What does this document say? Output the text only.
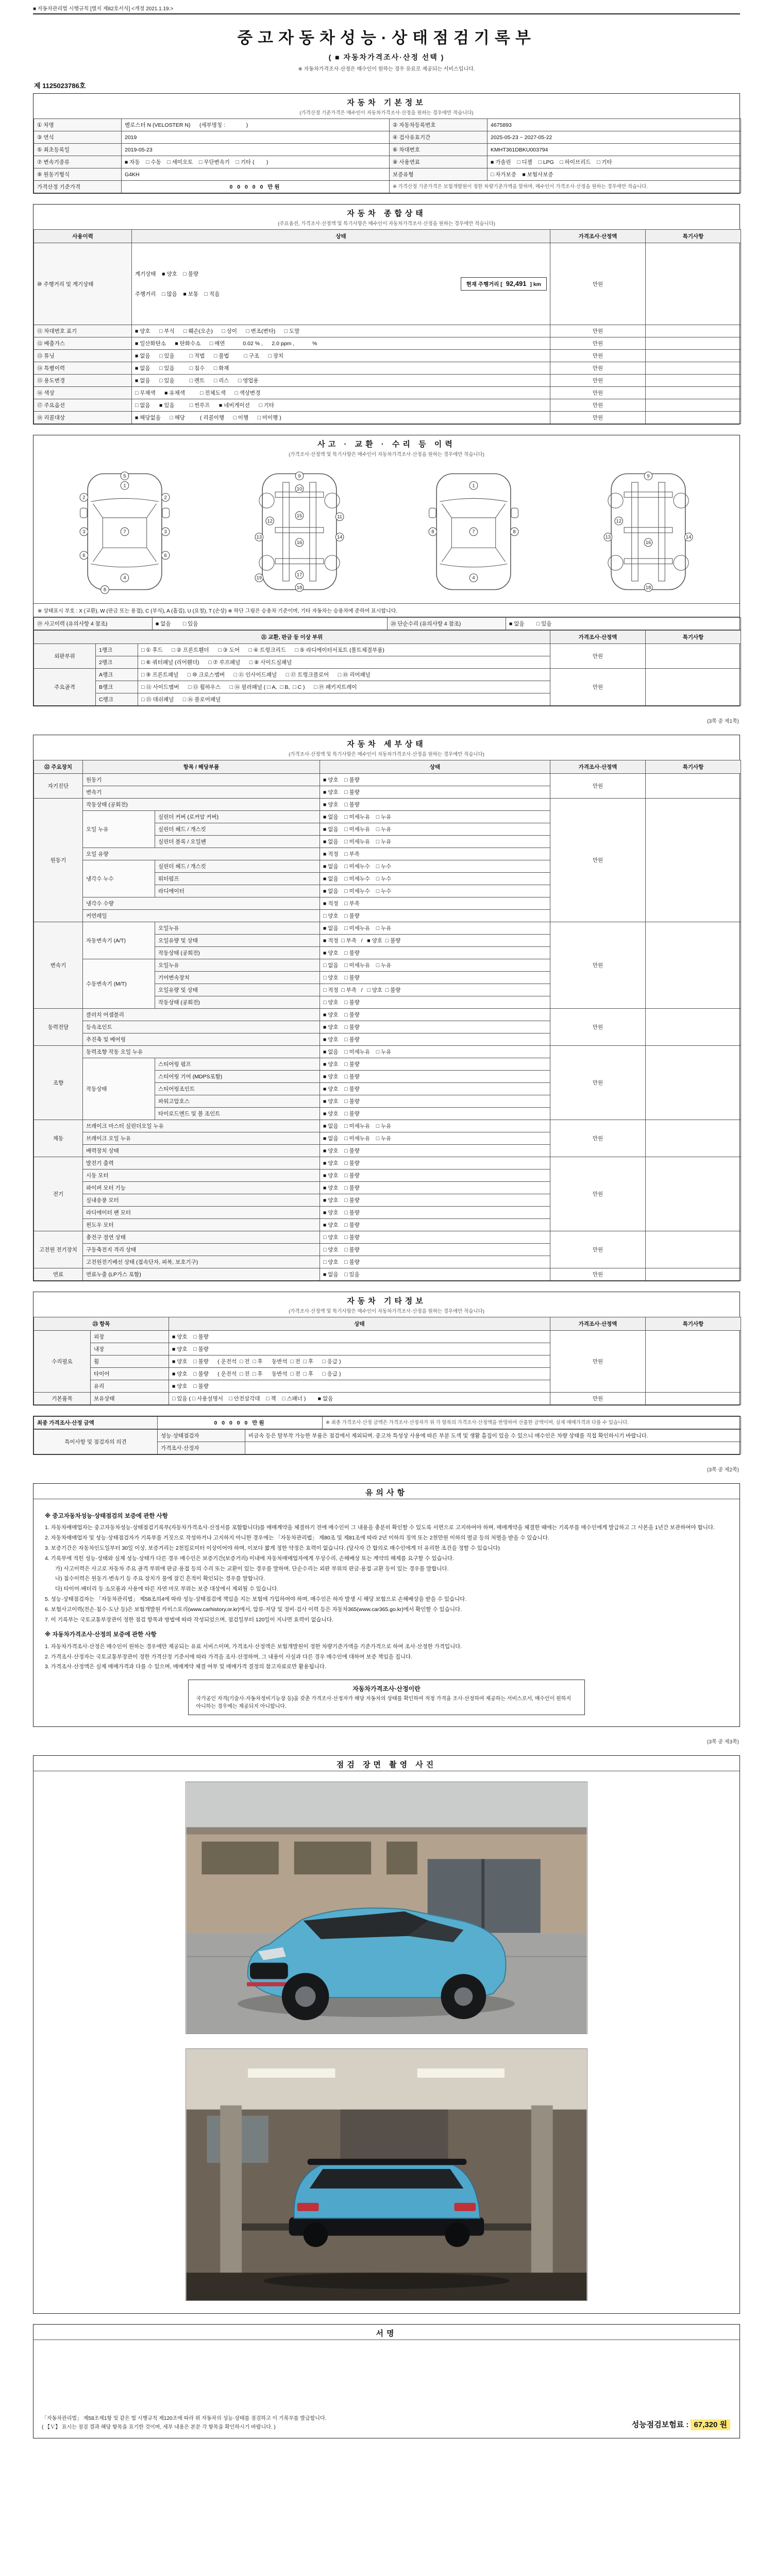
■ 자동차관리법 시행규칙 [별지 제82호서식] <개정 2021.1.19.>
중고자동차성능·상태점검기록부
( ■ 자동차가격조사·산정 선택 )
※ 자동차가격조사·산정은 매수인이 원하는 경우 유료로 제공되는 서비스입니다.
제 1125023786호
자동차 기본정보
(가격산정 기준가격은 매수인이 자동차가격조사·산정을 원하는 경우에만 적습니다)
① 차명	벨로스터 N (VELOSTER N)      (세부명칭 :              )	② 자동차등록번호	4675893
③ 연식	2019	④ 검사유효기간	2025-05-23 ~ 2027-05-22
⑤ 최초등록일	2019-05-23	⑥ 차대번호	KMHT361DBKU003794
⑦ 변속기종류	■ 자동    □ 수동    □ 세미오토    □ 무단변속기    □ 기타 (        )	⑧ 사용연료	■ 가솔린    □ 디젤    □ LPG    □ 하이브리드    □ 기타
⑨ 원동기형식	G4KH	보증유형	□ 자가보증    ■ 보험사보증
가격산정 기준가격	0 0 0 0 0 만원	※ 가격산정 기준가격은 보험개발원이 정한 차량기준가액을 말하며, 매수인이 가격조사·산정을 원하는 경우에만 적습니다.	
자동차 종합상태
(주요옵션, 가격조사·산정액 및 특기사항은 매수인이 자동차가격조사·산정을 원하는 경우에만 적습니다)
사용이력	상태	가격조사·산정액	특기사항
⑩ 주행거리 및 계기상태	계기상태    ■ 양호    □ 불량

주행거리    □ 많음    ■ 보통    □ 적음

현재 주행거리 [ 92,491 ] km	만원	
⑪ 차대번호 표기	■ 양호      □ 부식      □ 훼손(오손)      □ 상이      □ 변조(변타)      □ 도말	만원	
⑫ 배출가스	■ 일산화탄소      ■ 탄화수소      □ 매연            0.02 % ,      2.0 ppm ,            %	만원	
⑬ 튜닝	■ 없음      □ 있음          □ 적법      □ 불법          □ 구조      □ 장치	만원	
⑭ 특별이력	■ 없음      □ 있음          □ 침수      □ 화재	만원	
⑮ 용도변경	■ 없음      □ 있음          □ 렌트      □ 리스      □ 영업용	만원	
⑯ 색상	□ 무채색      ■ 유채색          □ 전체도색      □ 색상변경	만원	
⑰ 주요옵션	□ 없음      ■ 있음          □ 썬루프      ■ 네비게이션      □ 기타	만원	
⑱ 리콜대상	■ 해당없음      □ 해당          ( 리콜이행      □ 이행      □ 미이행 )	만원	
사고 · 교환 · 수리 등 이력
(가격조사·산정액 및 특기사항은 매수인이 자동차가격조사·산정을 원하는 경우에만 적습니다)
1
5
2	2
3	3
7
6	6
4
8
9
10
12
15
16
17
18
13	14
19
11
1
7
4
8	8
9
12
16
18
13	14
※ 상태표시 부호 : X (교환), W (판금 또는 용접), C (부식), A (흠집), U (요철), T (손상) ※ 하단 그림은 승용차 기준이며, 기타 자동차는 승용차에 준하여 표시합니다.
⑲ 사고이력 (유의사항 4 참조)	■ 없음        □ 있음	⑳ 단순수리 (유의사항 4 참조)	■ 없음        □ 있음
㉑ 교환, 판금 등 이상 부위			가격조사·산정액	특기사항
외판부위	1랭크	□ ① 후드      □ ② 프론트휀더      □ ③ 도어      □ ④ 트렁크리드      □ ⑤ 라디에이터서포트 (볼트체결부품)	만원	
	2랭크	□ ⑥ 쿼터패널 (리어휀더)      □ ⑦ 루프패널      □ ⑧ 사이드실패널		
주요골격	A랭크	□ ⑨ 프론트패널      □ ⑩ 크로스멤버      □ ⑪ 인사이드패널      □ ⑰ 트렁크플로어      □ ⑱ 리어패널	만원	
	B랭크	□ ⑫ 사이드멤버      □ ⑬ 휠하우스      □ ⑭ 필러패널 ( □ A,  □ B,  □ C )      □ ⑲ 패키지트레이		
	C랭크	□ ⑮ 대쉬패널      □ ⑯ 플로어패널		
(3쪽 중 제1쪽)
자동차 세부상태
(가격조사·산정액 및 특기사항은 매수인이 자동차가격조사·산정을 원하는 경우에만 적습니다)
㉒ 주요장치	항목 / 해당부품		상태	가격조사·산정액	특기사항
자기진단	원동기		■ 양호    □ 불량	만원	
	변속기		■ 양호    □ 불량		
원동기	작동상태 (공회전)		■ 양호    □ 불량	만원	
	오일 누유	실린더 커버 (로커암 커버)	■ 없음    □ 미세누유    □ 누유		
		실린더 헤드 / 개스킷	■ 없음    □ 미세누유    □ 누유		
		실린더 블록 / 오일팬	■ 없음    □ 미세누유    □ 누유		
	오일 유량		■ 적정    □ 부족		
	냉각수 누수	실린더 헤드 / 개스킷	■ 없음    □ 미세누수    □ 누수		
		워터펌프	■ 없음    □ 미세누수    □ 누수		
		라디에이터	■ 없음    □ 미세누수    □ 누수		
	냉각수 수량		■ 적정    □ 부족		
	커먼레일		□ 양호    □ 불량		
변속기	자동변속기 (A/T)	오일누유	■ 없음    □ 미세누유    □ 누유	만원	
		오일유량 및 상태	■ 적정  □ 부족   /   ■ 양호  □ 불량		
		작동상태 (공회전)	■ 양호    □ 불량		
	수동변속기 (M/T)	오일누유	□ 없음    □ 미세누유    □ 누유		
		기어변속장치	□ 양호    □ 불량		
		오일유량 및 상태	□ 적정  □ 부족   /   □ 양호  □ 불량		
		작동상태 (공회전)	□ 양호    □ 불량		
동력전달	클러치 어셈블리		■ 양호    □ 불량	만원	
	등속조인트		■ 양호    □ 불량		
	추진축 및 베어링		■ 양호    □ 불량		
조향	동력조향 작동 오일 누유		■ 없음    □ 미세누유    □ 누유	만원	
	작동상태	스티어링 펌프	■ 양호    □ 불량		
		스티어링 기어 (MDPS포함)	■ 양호    □ 불량		
		스티어링조인트	■ 양호    □ 불량		
		파워고압호스	■ 양호    □ 불량		
		타이로드엔드 및 볼 조인트	■ 양호    □ 불량		
제동	브레이크 마스터 실린더오일 누유		■ 없음    □ 미세누유    □ 누유	만원	
	브레이크 오일 누유		■ 없음    □ 미세누유    □ 누유		
	배력장치 상태		■ 양호    □ 불량		
전기	발전기 출력		■ 양호    □ 불량	만원	
	시동 모터		■ 양호    □ 불량		
	와이퍼 모터 기능		■ 양호    □ 불량		
	실내송풍 모터		■ 양호    □ 불량		
	라디에이터 팬 모터		■ 양호    □ 불량		
	윈도우 모터		■ 양호    □ 불량		
고전원 전기장치	충전구 절연 상태		□ 양호    □ 불량	만원	
	구동축전지 격리 상태		□ 양호    □ 불량		
	고전원전기배선 상태 (접속단자, 피복, 보호기구)		□ 양호    □ 불량		
연료	연료누출 (LP가스 포함)		■ 없음    □ 있음	만원	
자동차 기타정보
(가격조사·산정액 및 특기사항은 매수인이 자동차가격조사·산정을 원하는 경우에만 적습니다)
㉓ 항목		상태	가격조사·산정액	특기사항
수리필요	외장	■ 양호    □ 불량	만원	
	내장	■ 양호    □ 불량		
	휠	■ 양호    □ 불량      ( 운전석  □ 전  □ 후      동반석  □ 전  □ 후      □ 응급 )		
	타이어	■ 양호    □ 불량      ( 운전석  □ 전  □ 후      동반석  □ 전  □ 후      □ 응급 )		
	유리	■ 양호    □ 불량		
기본품목	보유상태	□ 있음 ( □ 사용설명서    □ 안전삼각대    □ 잭    □ 스패너 )        ■ 없음	만원	
최종 가격조사·산정 금액	0 0 0 0 0 만원	※ 최종 가격조사·산정 금액은 가격조사·산정자가 위 각 항목의 가격조사·산정액을 반영하여 산출한 금액이며, 실제 매매가격과 다를 수 있습니다.
특이사항 및 점검자의 의견	성능·상태점검자	비금속 등은 탈부착 가능한 부품은 점검에서 제외되며, 중고차 특성상 사용에 따른 부분 도색 및 생활 흠집이 있을 수 있으니 매수인은 차량 상태를 직접 확인하시기 바랍니다.
	가격조사·산정자	
(3쪽 중 제2쪽)
유의사항

※ 중고자동차성능·상태점검의 보증에 관한 사항

1. 자동차매매업자는 중고자동차성능·상태점검기록부(자동차가격조사·산정서를 포함합니다)를 매매계약을 체결하기 전에 매수인이 그 내용을 충분히 확인할 수 있도록 서면으로 고지하여야 하며, 매매계약을 체결한 때에는 기록부를 매수인에게 발급하고 그 사본을 1년간 보관하여야 합니다.

2. 자동차매매업자 및 성능·상태점검자가 기록부를 거짓으로 작성하거나 고지하지 아니한 경우에는 「자동차관리법」 제80조 및 제81조에 따라 2년 이하의 징역 또는 2천만원 이하의 벌금 등의 처벌을 받을 수 있습니다.

3. 보증기간은 자동차인도일부터 30일 이상, 보증거리는 2천킬로미터 이상이어야 하며, 이보다 짧게 정한 약정은 효력이 없습니다. (당사자 간 합의로 매수인에게 더 유리한 조건을 정할 수 있습니다)

4. 기록부에 적힌 성능·상태와 실제 성능·상태가 다른 경우 매수인은 보증기간(보증거리) 이내에 자동차매매업자에게 무상수리, 손해배상 또는 계약의 해제를 요구할 수 있습니다.

가) 사고이력은 사고로 자동차 주요 골격 부위에 판금·용접 등의 수리 또는 교환이 있는 경우를 말하며, 단순수리는 외판 부위의 판금·용접·교환 등이 있는 경우를 말합니다.

나) 침수이력은 원동기·변속기 등 주요 장치가 물에 잠긴 흔적이 확인되는 경우를 말합니다.

다) 타이어·배터리 등 소모품과 사용에 따른 자연 마모 부위는 보증 대상에서 제외될 수 있습니다.

5. 성능·상태점검자는 「자동차관리법」 제58조의4에 따라 성능·상태점검에 책임을 지는 보험에 가입하여야 하며, 매수인은 하자 발생 시 해당 보험으로 손해배상을 받을 수 있습니다.

6. 보험사고이력(전손·침수·도난 등)은 보험개발원 카히스토리(www.carhistory.or.kr)에서, 압류·저당 및 정비·검사 이력 등은 자동차365(www.car365.go.kr)에서 확인할 수 있습니다.

7. 이 기록부는 국토교통부장관이 정한 점검 항목과 방법에 따라 작성되었으며, 점검일부터 120일이 지나면 효력이 없습니다.

※ 자동차가격조사·산정의 보증에 관한 사항

1. 자동차가격조사·산정은 매수인이 원하는 경우에만 제공되는 유료 서비스이며, 가격조사·산정액은 보험개발원이 정한 차량기준가액을 기준가격으로 하여 조사·산정한 가격입니다.

2. 가격조사·산정자는 국토교통부장관이 정한 가격산정 기준서에 따라 가격을 조사·산정하며, 그 내용이 사실과 다른 경우 매수인에 대하여 보증 책임을 집니다.

3. 가격조사·산정액은 실제 매매가격과 다를 수 있으며, 매매계약 체결 여부 및 매매가격 결정의 참고자료로만 활용됩니다.

자동차가격조사·산정이란
국가공인 자격(기술사·자동차정비기능장 등)을 갖춘 가격조사·산정자가 해당 자동차의 상태를 확인하여 적정 가격을 조사·산정하여 제공하는 서비스로서, 매수인이 원하지 아니하는 경우에는 제공되지 아니합니다.
(3쪽 중 제3쪽)
점검 장면 촬영 사진
서명
「자동차관리법」 제58조제1항 및 같은 법 시행규칙 제120조에 따라 위 자동차의 성능·상태를 점검하고 이 기록부를 발급합니다.
( 【Ｖ】 표시는 점검 결과 해당 항목을 표기한 것이며, 세부 내용은 본문 각 항목을 확인하시기 바랍니다. )	성능점검보험료 : 67,320 원
